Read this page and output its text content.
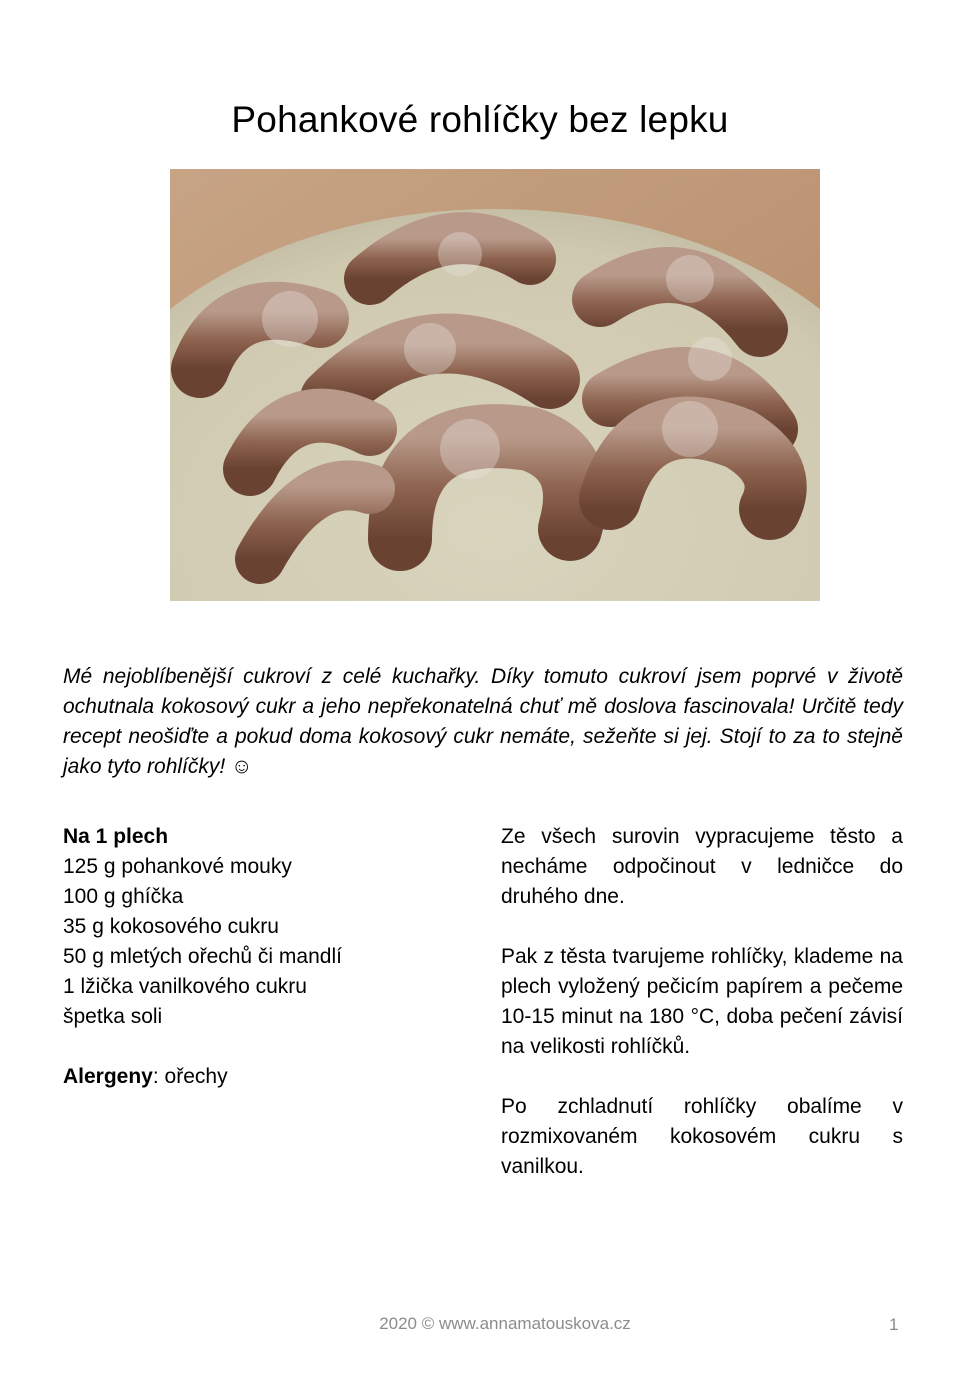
Pohankové rohlíčky bez lepku

Mé nejoblíbenější cukroví z celé kuchařky. Díky tomuto cukroví jsem poprvé v životě ochutnala kokosový cukr a jeho nepřekonatelná chuť mě doslova fascinovala! Určitě tedy recept neošiďte a pokud doma kokosový cukr nemáte, sežeňte si jej. Stojí to za to stejně jako tyto rohlíčky! ☺

Na 1 plech
125 g pohankové mouky
100 g ghíčka
35 g kokosového cukru
50 g mletých ořechů či mandlí
1 lžička vanilkového cukru
špetka soli
Alergeny: ořechy

Ze všech surovin vypracujeme těsto a necháme odpočinout v ledničce do druhého dne.

Pak z těsta tvarujeme rohlíčky, klademe na plech vyložený pečicím papírem a pečeme 10-15 minut na 180 °C, doba pečení závisí na velikosti rohlíčků.

Po zchladnutí rohlíčky obalíme v rozmixovaném kokosovém cukru s vanilkou.

2020 © www.annamatouskova.cz	1
